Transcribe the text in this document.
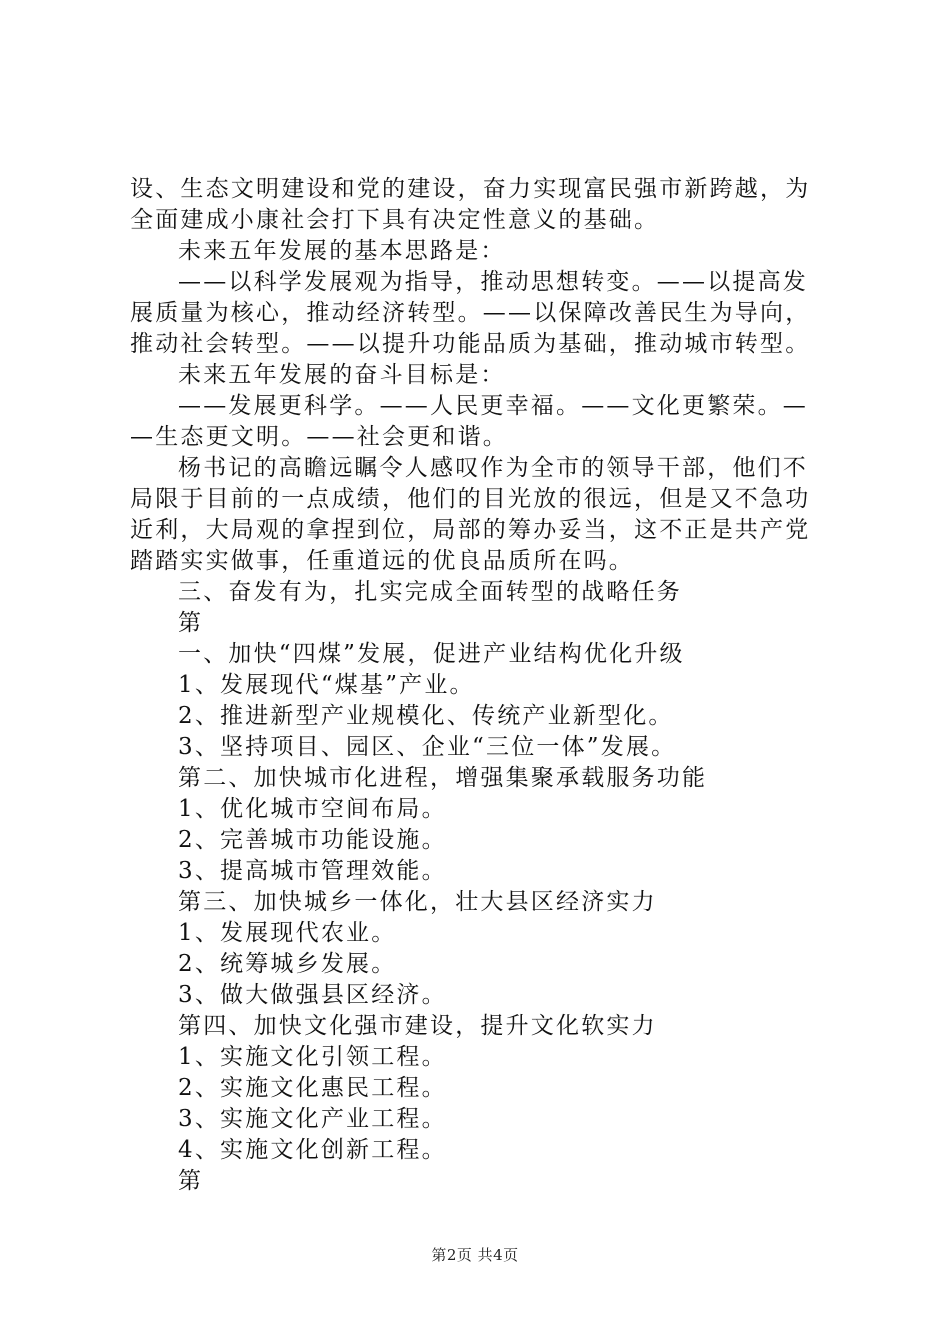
设、生态文明建设和党的建设，奋力实现富民强市新跨越，为
全面建成小康社会打下具有决定性意义的基础。
未来五年发展的基本思路是：
——以科学发展观为指导，推动思想转变。——以提高发
展质量为核心，推动经济转型。——以保障改善民生为导向，
推动社会转型。——以提升功能品质为基础，推动城市转型。
未来五年发展的奋斗目标是：
——发展更科学。——人民更幸福。——文化更繁荣。—
—生态更文明。——社会更和谐。
杨书记的高瞻远瞩令人感叹作为全市的领导干部，他们不
局限于目前的一点成绩，他们的目光放的很远，但是又不急功
近利，大局观的拿捏到位，局部的筹办妥当，这不正是共产党
踏踏实实做事，任重道远的优良品质所在吗。
三、奋发有为，扎实完成全面转型的战略任务
第
一、加快“四煤”发展，促进产业结构优化升级
1、发展现代“煤基”产业。
2、推进新型产业规模化、传统产业新型化。
3、坚持项目、园区、企业“三位一体”发展。
第二、加快城市化进程，增强集聚承载服务功能
1、优化城市空间布局。
2、完善城市功能设施。
3、提高城市管理效能。
第三、加快城乡一体化，壮大县区经济实力
1、发展现代农业。
2、统筹城乡发展。
3、做大做强县区经济。
第四、加快文化强市建设，提升文化软实力
1、实施文化引领工程。
2、实施文化惠民工程。
3、实施文化产业工程。
4、实施文化创新工程。
第
第2页 共4页
